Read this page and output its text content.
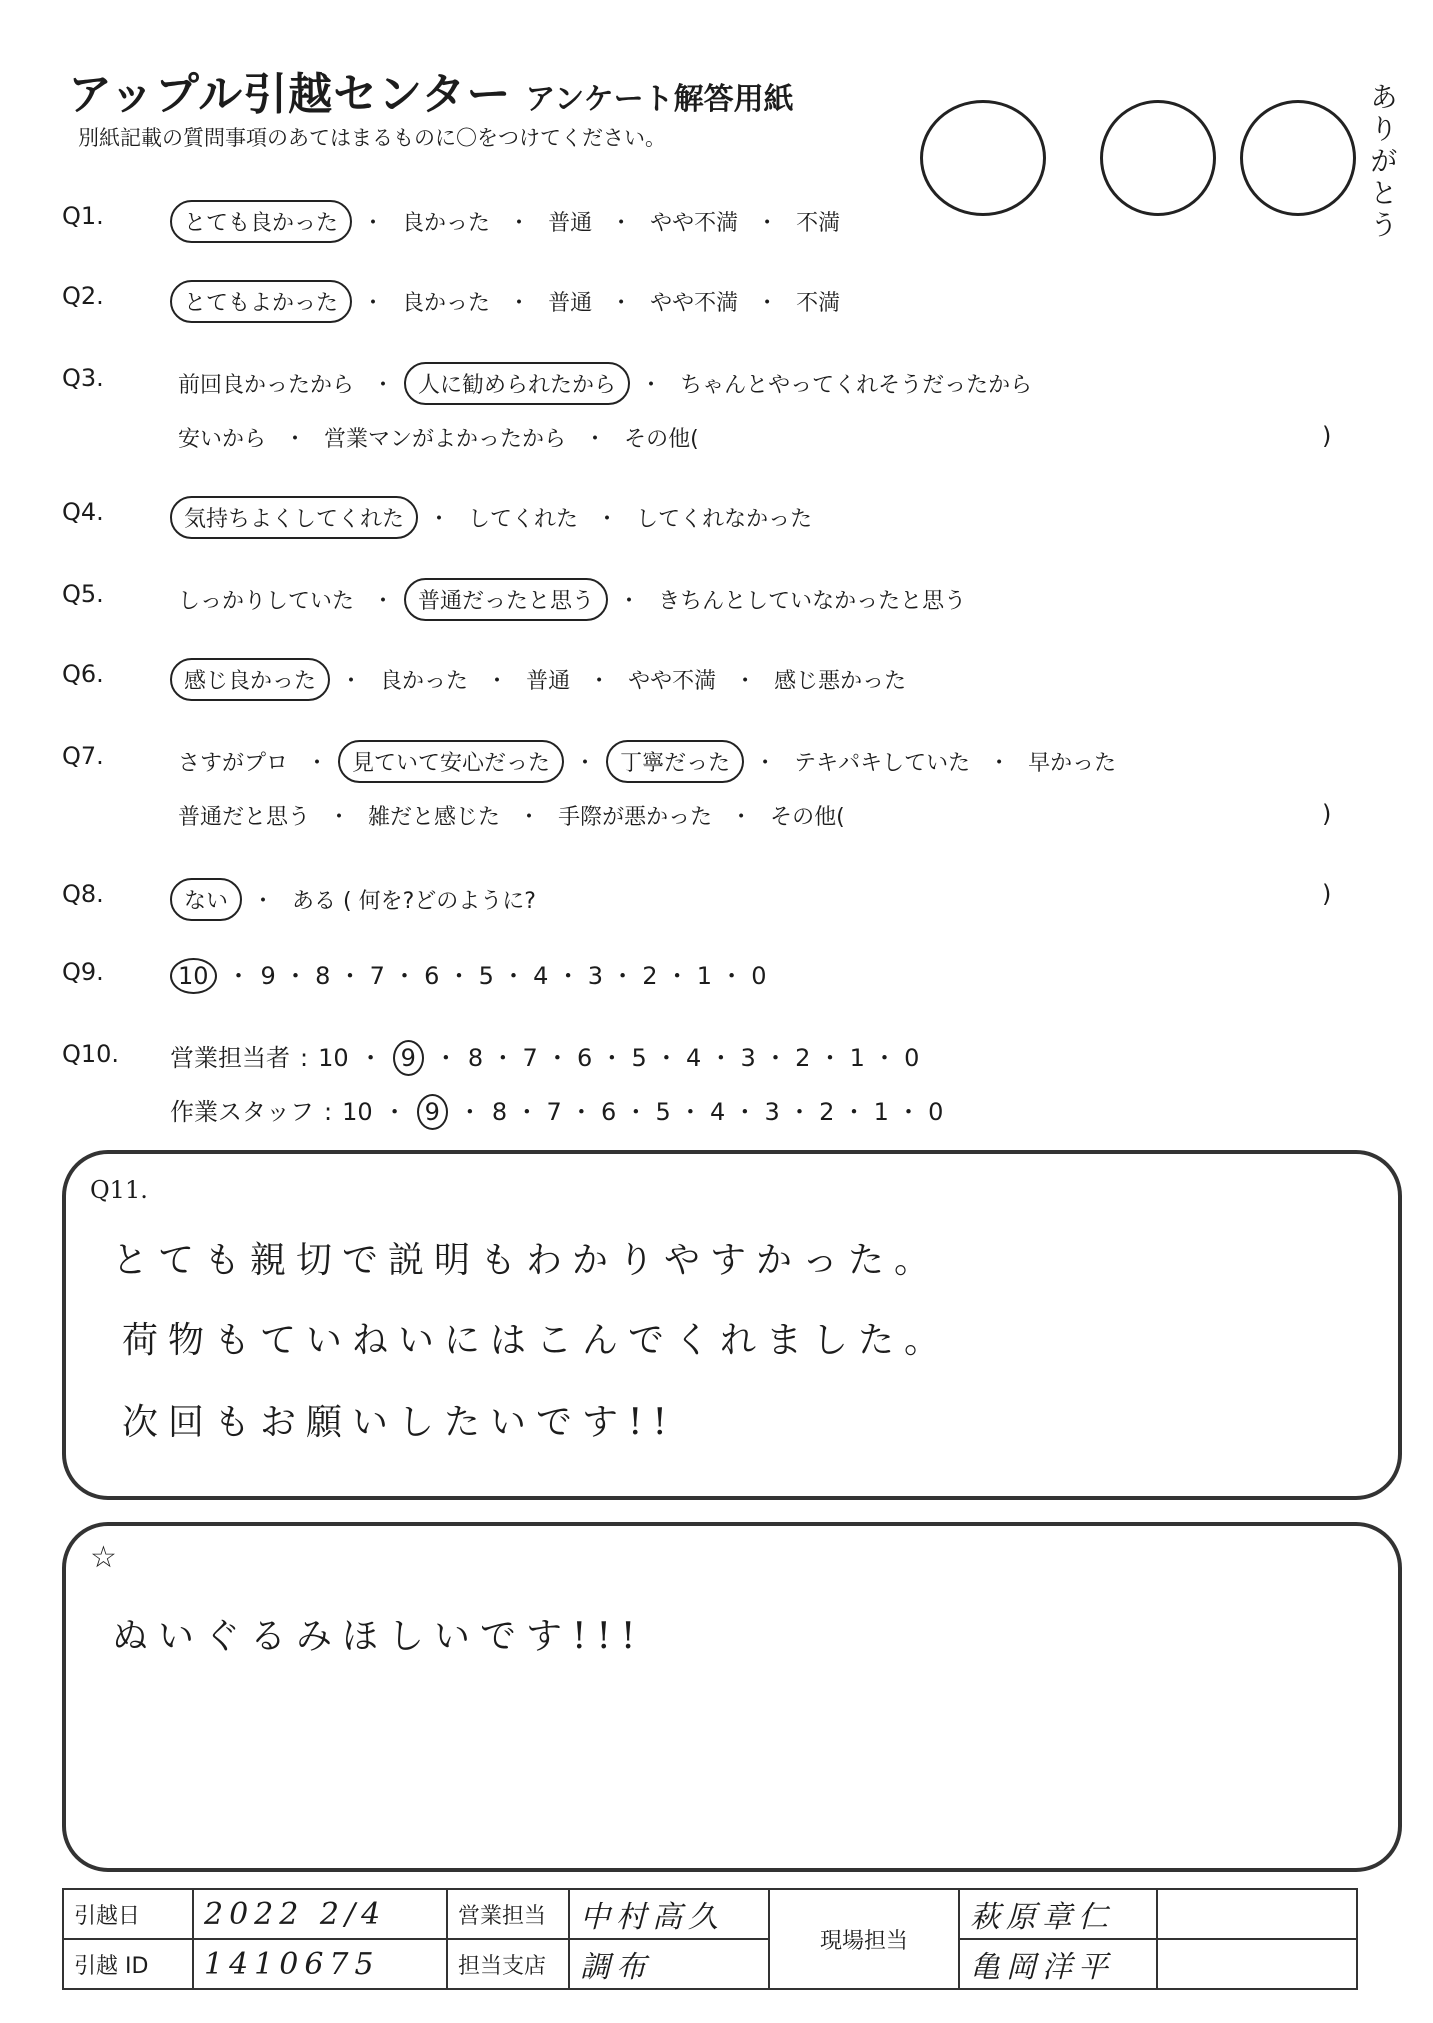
アップル引越センター アンケート解答用紙
別紙記載の質問事項のあてはまるものに〇をつけてください。	ありがとう
Q1.	とても良かった ・ 良かった ・ 普通 ・ やや不満 ・ 不満
Q2.	とてもよかった ・ 良かった ・ 普通 ・ やや不満 ・ 不満
Q3.	前回良かったから ・ 人に勧められたから ・ ちゃんとやってくれそうだったから
安いから ・ 営業マンがよかったから ・ その他(	)
Q4.	気持ちよくしてくれた ・ してくれた ・ してくれなかった
Q5.	しっかりしていた ・ 普通だったと思う ・ きちんとしていなかったと思う
Q6.	感じ良かった ・ 良かった ・ 普通 ・ やや不満 ・ 感じ悪かった
Q7.	さすがプロ ・ 見ていて安心だった ・ 丁寧だった ・ テキパキしていた ・ 早かった
普通だと思う ・ 雑だと感じた ・ 手際が悪かった ・ その他(	)
Q8.	ない ・ ある ( 何を?どのように?	)
Q9.	10 ・ 9 ・ 8 ・ 7 ・ 6 ・ 5 ・ 4 ・ 3 ・ 2 ・ 1 ・ 0
Q10. 営業担当者 : 10 ・ 9 ・ 8 ・ 7 ・ 6 ・ 5 ・ 4 ・ 3 ・ 2 ・ 1 ・ 0
作業スタッフ : 10 ・ 9 ・ 8 ・ 7 ・ 6 ・ 5 ・ 4 ・ 3 ・ 2 ・ 1 ・ 0
Q11.
とても親切で説明もわかりやすかった。
荷物もていねいにはこんでくれました。
次回もお願いしたいです!!
☆
ぬいぐるみほしいです!!!
引越日	2022 2/4	営業担当	中村高久	現場担当	萩原章仁	
引越 ID	1410675	担当支店	調布		亀岡洋平	
